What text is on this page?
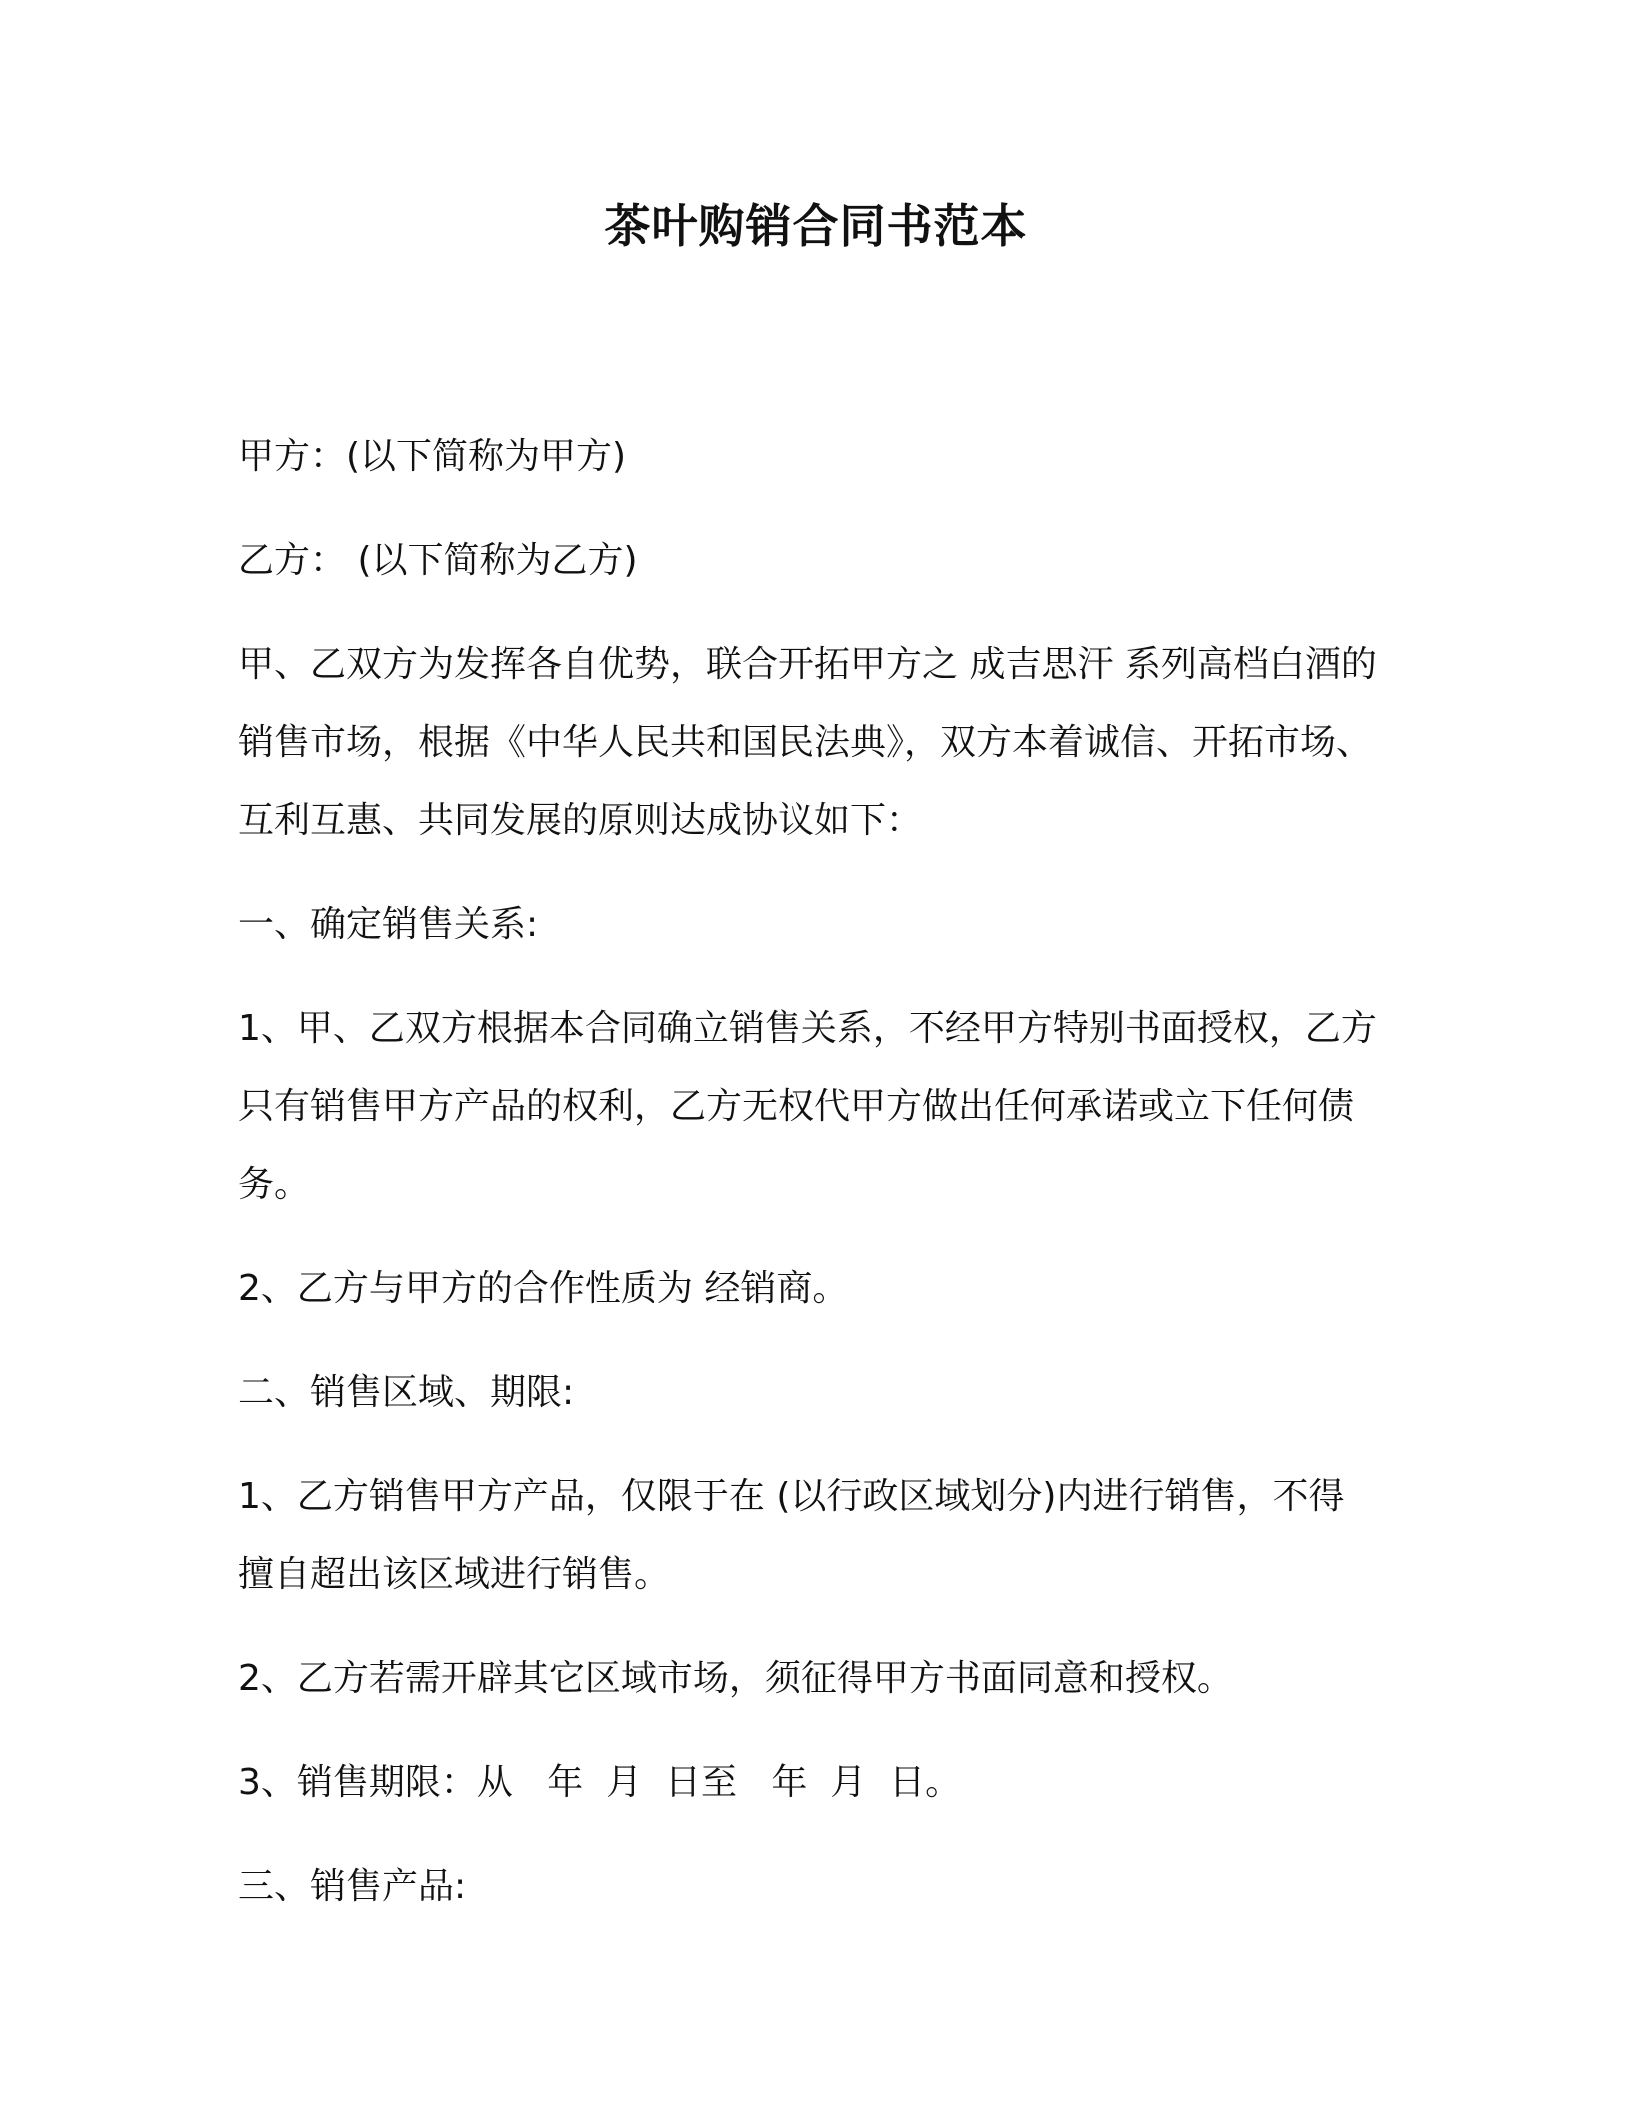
茶叶购销合同书范本

甲方：(以下简称为甲方)

乙方： (以下简称为乙方)

甲、乙双方为发挥各自优势，联合开拓甲方之 成吉思汗 系列高档白酒的销售市场，根据《中华人民共和国民法典》，双方本着诚信、开拓市场、互利互惠、共同发展的原则达成协议如下：

一、确定销售关系:

1、甲、乙双方根据本合同确立销售关系，不经甲方特别书面授权，乙方只有销售甲方产品的权利，乙方无权代甲方做出任何承诺或立下任何债务。

2、乙方与甲方的合作性质为 经销商。

二、销售区域、期限:

1、乙方销售甲方产品，仅限于在 (以行政区域划分)内进行销售，不得擅自超出该区域进行销售。

2、乙方若需开辟其它区域市场，须征得甲方书面同意和授权。

3、销售期限：从   年  月  日至   年  月  日。

三、销售产品:
